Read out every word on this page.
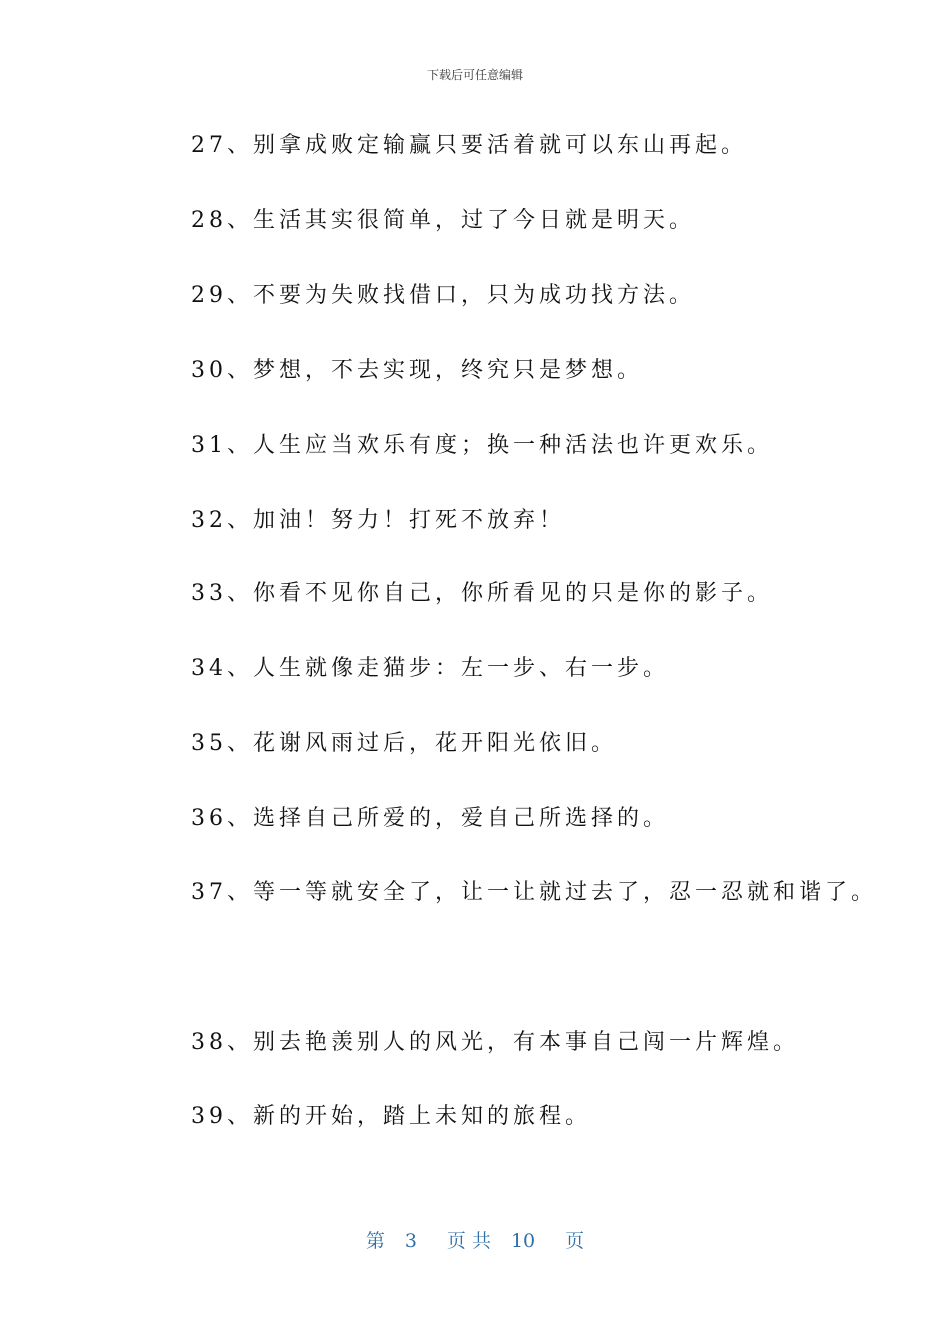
下载后可任意编辑
27、别拿成败定输赢只要活着就可以东山再起。
28、生活其实很简单，过了今日就是明天。
29、不要为失败找借口，只为成功找方法。
30、梦想，不去实现，终究只是梦想。
31、人生应当欢乐有度；换一种活法也许更欢乐。
32、加油！努力！打死不放弃！
33、你看不见你自己，你所看见的只是你的影子。
34、人生就像走猫步：左一步、右一步。
35、花谢风雨过后，花开阳光依旧。
36、选择自己所爱的，爱自己所选择的。
37、等一等就安全了，让一让就过去了，忍一忍就和谐了。
38、别去艳羡别人的风光，有本事自己闯一片辉煌。
39、新的开始，踏上未知的旅程。
第 3 页 共 10 页
